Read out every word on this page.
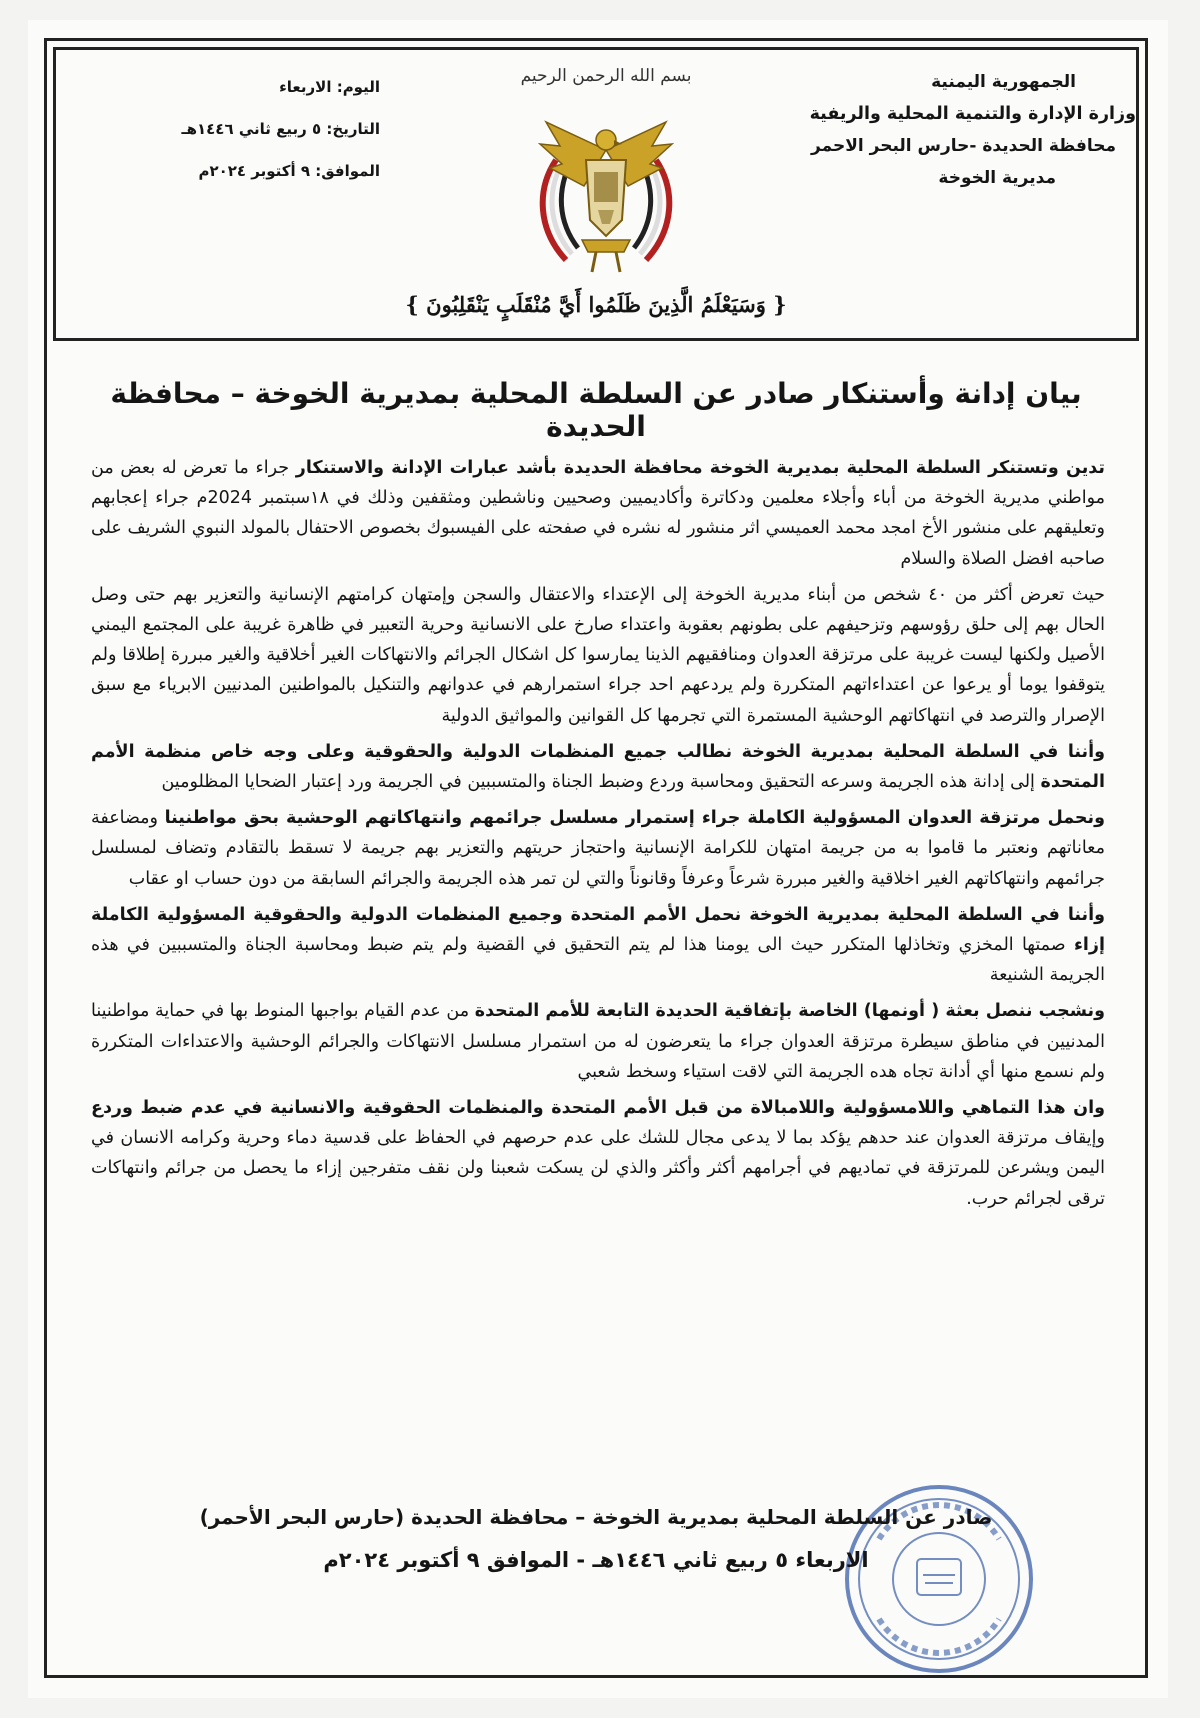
الجمهورية اليمنية
وزارة الإدارة والتنمية المحلية والريفية
محافظة الحديدة -حارس البحر الاحمر
مديرية الخوخة
بسم الله الرحمن الرحيم
اليوم: الاربعاء
التاريخ: ٥ ربيع ثاني ١٤٤٦هـ
الموافق: ٩ أكتوبر ٢٠٢٤م
{ وَسَيَعْلَمُ الَّذِينَ ظَلَمُوا أَيَّ مُنْقَلَبٍ يَنْقَلِبُونَ }
بيان إدانة وأستنكار صادر عن السلطة المحلية بمديرية الخوخة – محافظة الحديدة

تدين وتستنكر السلطة المحلية بمديرية الخوخة محافظة الحديدة بأشد عبارات الإدانة والاستنكار جراء ما تعرض له بعض من مواطني مديرية الخوخة من أباء وأجلاء معلمين ودكاترة وأكاديميين وصحيين وناشطين ومثقفين وذلك في ١٨سبتمبر 2024م جراء إعجابهم وتعليقهم على منشور الأخ امجد محمد العميسي اثر منشور له نشره في صفحته على الفيسبوك بخصوص الاحتفال بالمولد النبوي الشريف على صاحبه افضل الصلاة والسلام

حيث تعرض أكثر من ٤٠ شخص من أبناء مديرية الخوخة إلى الإعتداء والاعتقال والسجن وإمتهان كرامتهم الإنسانية والتعزير بهم حتى وصل الحال بهم إلى حلق رؤوسهم وتزحيفهم على بطونهم بعقوبة واعتداء صارخ على الانسانية وحرية التعبير في ظاهرة غريبة على المجتمع اليمني الأصيل ولكنها ليست غريبة على مرتزقة العدوان ومنافقيهم الذينا يمارسوا كل اشكال الجرائم والانتهاكات الغير أخلاقية والغير مبررة إطلاقا ولم يتوقفوا يوما أو يرعوا عن اعتداءاتهم المتكررة ولم يردعهم احد جراء استمرارهم في عدوانهم والتنكيل بالمواطنين المدنيين الابرياء مع سبق الإصرار والترصد في انتهاكاتهم الوحشية المستمرة التي تجرمها كل القوانين والمواثيق الدولية

وأننا في السلطة المحلية بمديرية الخوخة نطالب جميع المنظمات الدولية والحقوقية وعلى وجه خاص منظمة الأمم المتحدة إلى إدانة هذه الجريمة وسرعه التحقيق ومحاسبة وردع وضبط الجناة والمتسببين في الجريمة ورد إعتبار الضحايا المظلومين

ونحمل مرتزقة العدوان المسؤولية الكاملة جراء إستمرار مسلسل جرائمهم وانتهاكاتهم الوحشية بحق مواطنينا ومضاعفة معاناتهم ونعتبر ما قاموا به من جريمة امتهان للكرامة الإنسانية واحتجاز حريتهم والتعزير بهم جريمة لا تسقط بالتقادم وتضاف لمسلسل جرائمهم وانتهاكاتهم الغير اخلاقية والغير مبررة شرعاً وعرفاً وقانوناً والتي لن تمر هذه الجريمة والجرائم السابقة من دون حساب او عقاب

وأننا في السلطة المحلية بمديرية الخوخة نحمل الأمم المتحدة وجميع المنظمات الدولية والحقوقية المسؤولية الكاملة إزاء صمتها المخزي وتخاذلها المتكرر حيث الى يومنا هذا لم يتم التحقيق في القضية ولم يتم ضبط ومحاسبة الجناة والمتسببين في هذه الجريمة الشنيعة

ونشجب ننصل بعثة ( أونمها) الخاصة بإتفاقية الحديدة التابعة للأمم المتحدة من عدم القيام بواجبها المنوط بها في حماية مواطنينا المدنيين في مناطق سيطرة مرتزقة العدوان جراء ما يتعرضون له من استمرار مسلسل الانتهاكات والجرائم الوحشية والاعتداءات المتكررة ولم نسمع منها أي أدانة تجاه هده الجريمة التي لاقت استياء وسخط شعبي

وان هذا التماهي واللامسؤولية واللامبالاة من قبل الأمم المتحدة والمنظمات الحقوقية والانسانية في عدم ضبط وردع وإيقاف مرتزقة العدوان عند حدهم يؤكد بما لا يدعى مجال للشك على عدم حرصهم في الحفاظ على قدسية دماء وحرية وكرامه الانسان في اليمن ويشرعن للمرتزقة في تماديهم في أجرامهم أكثر وأكثر والذي لن يسكت شعبنا ولن نقف متفرجين إزاء ما يحصل من جرائم وانتهاكات ترقى لجرائم حرب.

صادر عن السلطة المحلية بمديرية الخوخة – محافظة الحديدة (حارس البحر الأحمر)
الاربعاء ٥ ربيع ثاني ١٤٤٦هـ - الموافق ٩ أكتوبر ٢٠٢٤م
